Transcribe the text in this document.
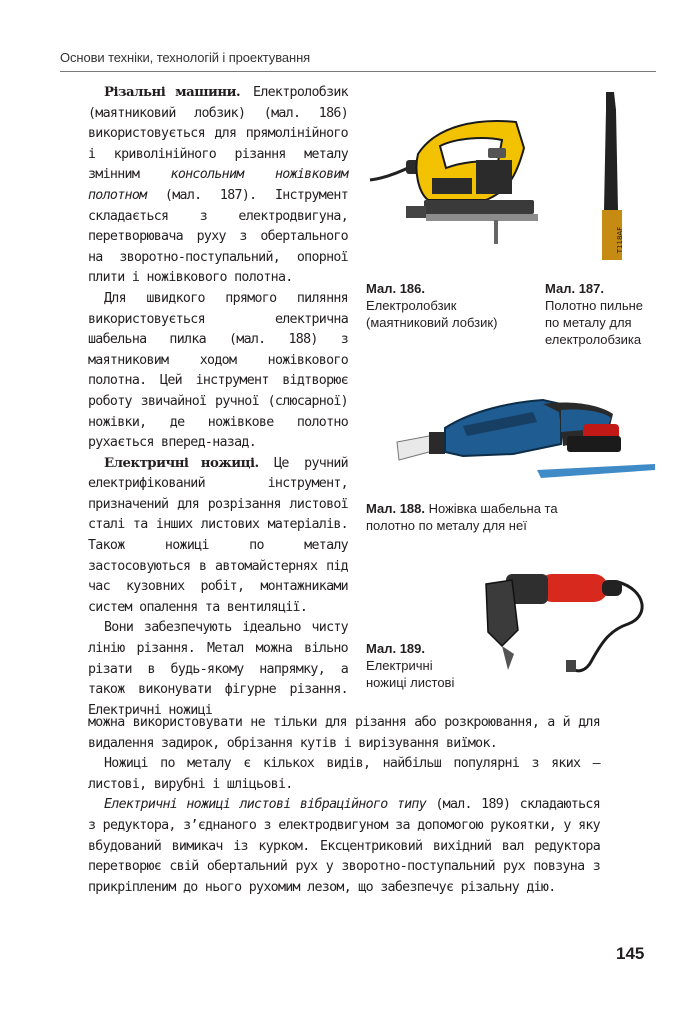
Основи техніки, технологій і проектування

Різальні машини. Електролобзик (маятниковий лобзик) (мал. 186) використовується для прямолінійного і криволінійного різання металу змінним консольним ножівковим полотном (мал. 187). Інструмент складається з електродвигуна, перетворювача руху з обертального на зворотно-поступальний, опорної плити і ножівкового полотна.

Для швидкого прямого пиляння використовується електрична шабельна пилка (мал. 188) з маятниковим ходом ножівкового полотна. Цей інструмент відтворює роботу звичайної ручної (слюсарної) ножівки, де ножівкове полотно рухається вперед-назад.

Електричні ножиці. Це ручний електрифікований інструмент, призначений для розрізання листової сталі та інших листових матеріалів. Також ножиці по металу застосовуються в автомайстернях під час кузовних робіт, монтажниками систем опалення та вентиляції.

Вони забезпечують ідеально чисту лінію різання. Метал можна вільно різати в будь-якому напрямку, а також виконувати фігурне різання. Електричні ножиці

можна використовувати не тільки для різання або розкроювання, а й для видалення задирок, обрізання кутів і вирізування виїмок.

Ножиці по металу є кількох видів, найбільш популярні з яких — листові, вирубні і шліцьові.

Електричні ножиці листові вібраційного типу (мал. 189) складаються з редуктора, з’єднаного з електродвигуном за допомогою рукоятки, у яку вбудований вимикач із курком. Ексцентриковий вихідний вал редуктора перетворює свій обертальний рух у зворотно-поступальний рух повзуна з прикріпленим до нього рухомим лезом, що забезпечує різальну дію.

T118AF
Мал. 186.
Електролобзик (маятниковий лобзик)
Мал. 187.
Полотно пильне по металу для електролобзика
Мал. 188. Ножівка шабельна та полотно по металу для неї
Мал. 189.
Електричні ножиці листові
145
